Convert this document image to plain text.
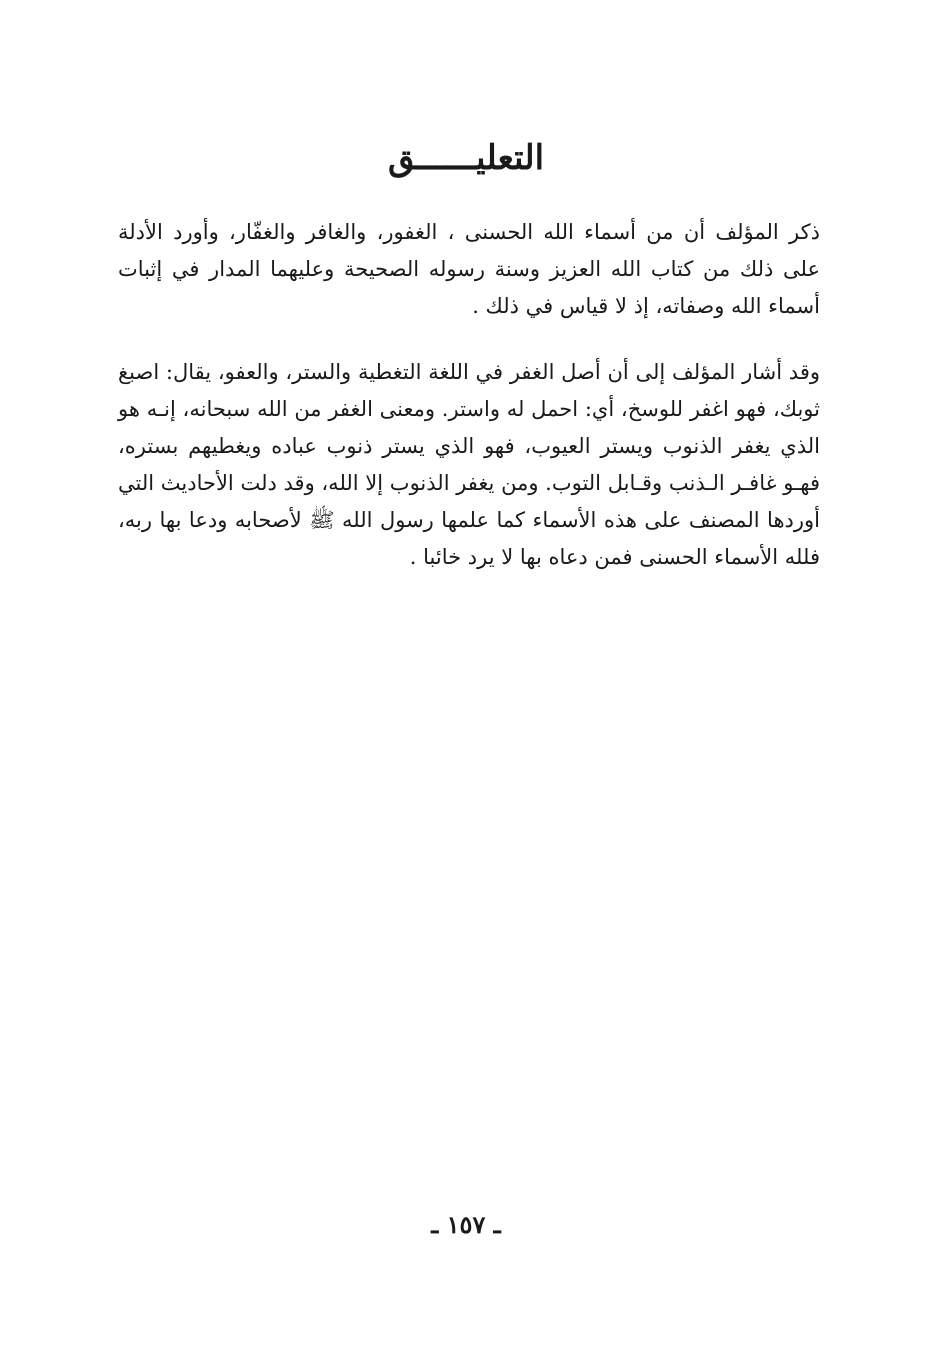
التعليــــــق
ذكر المؤلف أن من أسماء الله الحسنى ، الغفور، والغافر والغفّار، وأورد الأدلة على ذلك من كتاب الله العزيز وسنة رسوله الصحيحة وعليهما المدار في إثبات أسماء الله وصفاته، إذ لا قياس في ذلك .
وقد أشار المؤلف إلى أن أصل الغفر في اللغة التغطية والستر، والعفو، يقال: اصبغ ثوبك، فهو اغفر للوسخ، أي: احمل له واستر. ومعنى الغفر من الله سبحانه، إنـه هو الذي يغفر الذنوب ويستر العيوب، فهو الذي يستر ذنوب عباده ويغطيهم بستره، فهـو غافـر الـذنب وقـابل التوب. ومن يغفر الذنوب إلا الله، وقد دلت الأحاديث التي أوردها المصنف على هذه الأسماء كما علمها رسول الله ﷺ لأصحابه ودعا بها ربه، فلله الأسماء الحسنى فمن دعاه بها لا يرد خائبا .
ـ ١٥٧ ـ
